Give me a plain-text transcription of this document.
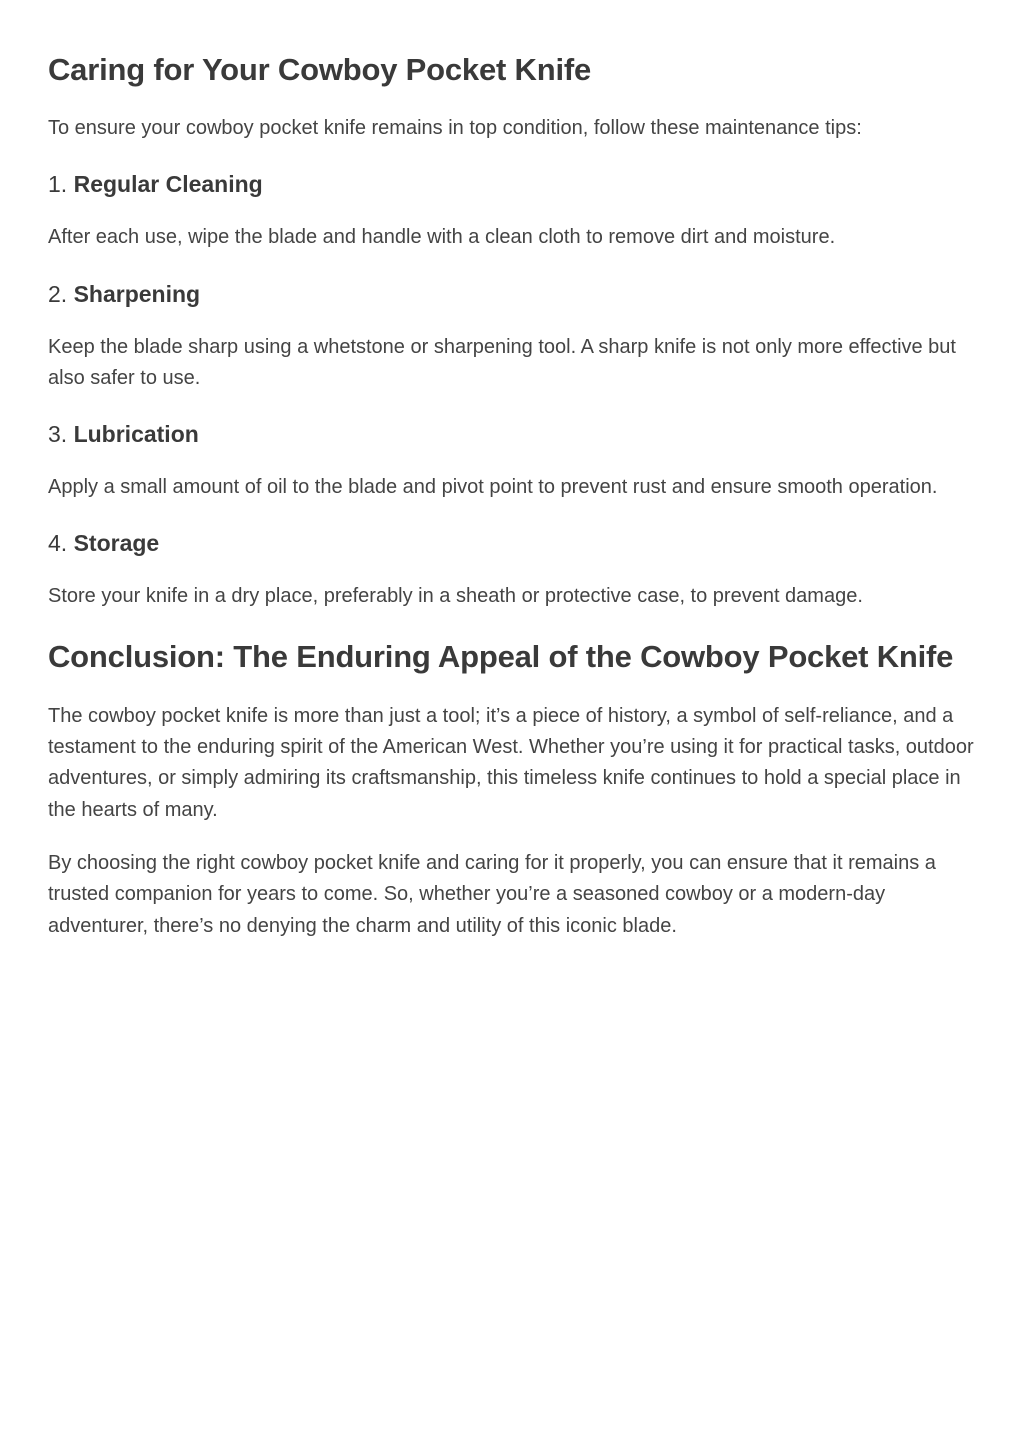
Caring for Your Cowboy Pocket Knife

To ensure your cowboy pocket knife remains in top condition, follow these maintenance tips:

1. Regular Cleaning

After each use, wipe the blade and handle with a clean cloth to remove dirt and moisture.

2. Sharpening

Keep the blade sharp using a whetstone or sharpening tool. A sharp knife is not only more effective but also safer to use.

3. Lubrication

Apply a small amount of oil to the blade and pivot point to prevent rust and ensure smooth operation.

4. Storage

Store your knife in a dry place, preferably in a sheath or protective case, to prevent damage.

Conclusion: The Enduring Appeal of the Cowboy Pocket Knife

The cowboy pocket knife is more than just a tool; it’s a piece of history, a symbol of self-reliance, and a testament to the enduring spirit of the American West. Whether you’re using it for practical tasks, outdoor adventures, or simply admiring its craftsmanship, this timeless knife continues to hold a special place in the hearts of many.

By choosing the right cowboy pocket knife and caring for it properly, you can ensure that it remains a trusted companion for years to come. So, whether you’re a seasoned cowboy or a modern-day adventurer, there’s no denying the charm and utility of this iconic blade.
